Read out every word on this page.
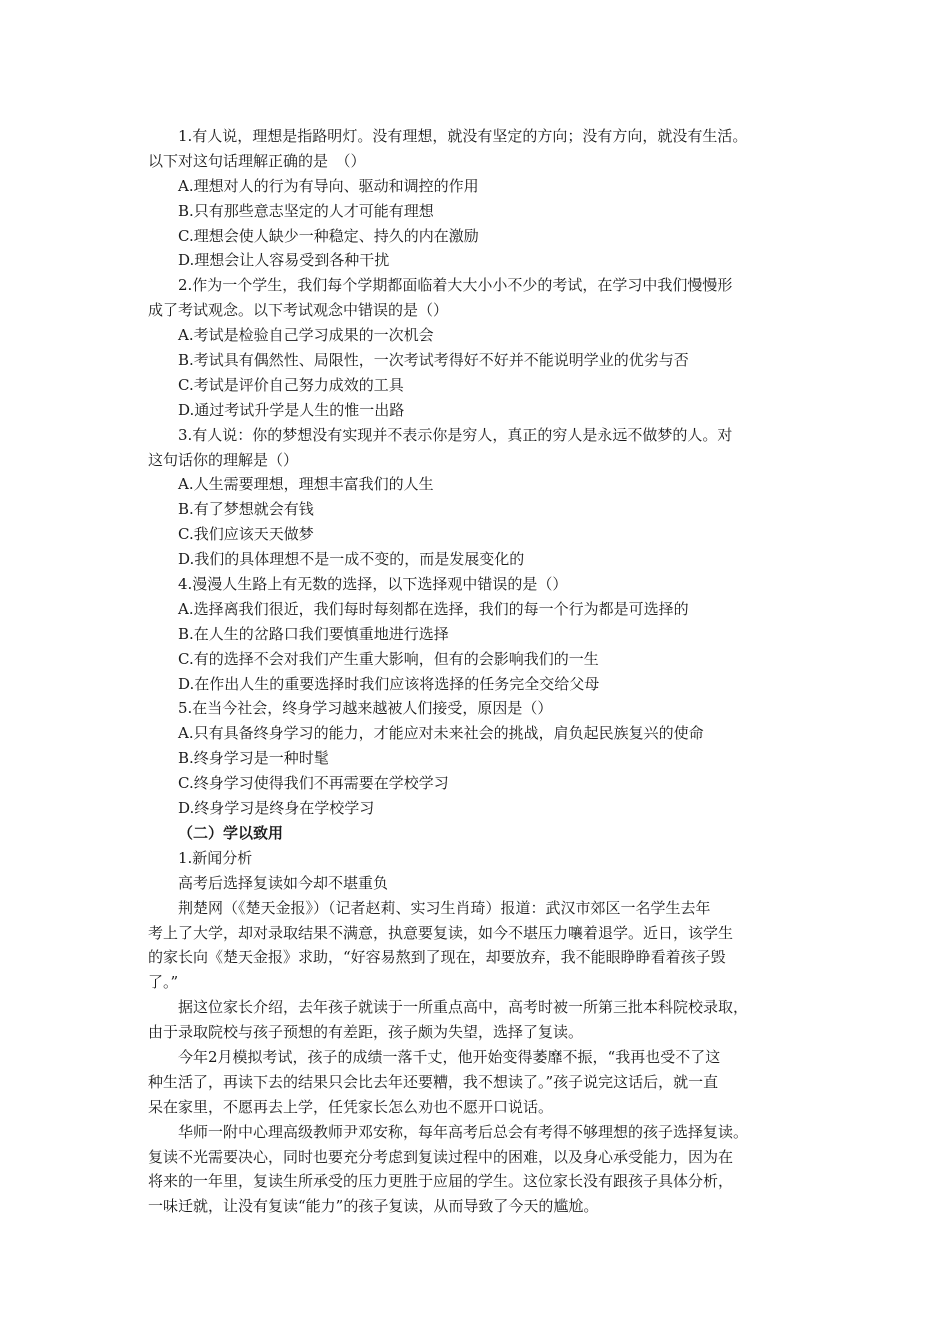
1.有人说，理想是指路明灯。没有理想，就没有坚定的方向；没有方向，就没有生活。
以下对这句话理解正确的是　（）
A.理想对人的行为有导向、驱动和调控的作用
B.只有那些意志坚定的人才可能有理想
C.理想会使人缺少一种稳定、持久的内在激励
D.理想会让人容易受到各种干扰
2.作为一个学生，我们每个学期都面临着大大小小不少的考试，在学习中我们慢慢形
成了考试观念。以下考试观念中错误的是（）
A.考试是检验自己学习成果的一次机会
B.考试具有偶然性、局限性，一次考试考得好不好并不能说明学业的优劣与否
C.考试是评价自己努力成效的工具
D.通过考试升学是人生的惟一出路
3.有人说：你的梦想没有实现并不表示你是穷人，真正的穷人是永远不做梦的人。对
这句话你的理解是（）
A.人生需要理想，理想丰富我们的人生
B.有了梦想就会有钱
C.我们应该天天做梦
D.我们的具体理想不是一成不变的，而是发展变化的
4.漫漫人生路上有无数的选择，以下选择观中错误的是（）
A.选择离我们很近，我们每时每刻都在选择，我们的每一个行为都是可选择的
B.在人生的岔路口我们要慎重地进行选择
C.有的选择不会对我们产生重大影响，但有的会影响我们的一生
D.在作出人生的重要选择时我们应该将选择的任务完全交给父母
5.在当今社会，终身学习越来越被人们接受，原因是（）
A.只有具备终身学习的能力，才能应对未来社会的挑战，肩负起民族复兴的使命
B.终身学习是一种时髦
C.终身学习使得我们不再需要在学校学习
D.终身学习是终身在学校学习
（二）学以致用
1.新闻分析
高考后选择复读如今却不堪重负
荆楚网（《楚天金报》）（记者赵莉、实习生肖琦）报道：武汉市郊区一名学生去年
考上了大学，却对录取结果不满意，执意要复读，如今不堪压力嚷着退学。近日，该学生
的家长向《楚天金报》求助，“好容易熬到了现在，却要放弃，我不能眼睁睁看着孩子毁
了。”
据这位家长介绍，去年孩子就读于一所重点高中，高考时被一所第三批本科院校录取，
由于录取院校与孩子预想的有差距，孩子颇为失望，选择了复读。
今年2月模拟考试，孩子的成绩一落千丈，他开始变得萎靡不振，“我再也受不了这
种生活了，再读下去的结果只会比去年还要糟，我不想读了。”孩子说完这话后，就一直
呆在家里，不愿再去上学，任凭家长怎么劝也不愿开口说话。
华师一附中心理高级教师尹邓安称，每年高考后总会有考得不够理想的孩子选择复读。
复读不光需要决心，同时也要充分考虑到复读过程中的困难，以及身心承受能力，因为在
将来的一年里，复读生所承受的压力更胜于应届的学生。这位家长没有跟孩子具体分析，
一味迁就，让没有复读“能力”的孩子复读，从而导致了今天的尴尬。
